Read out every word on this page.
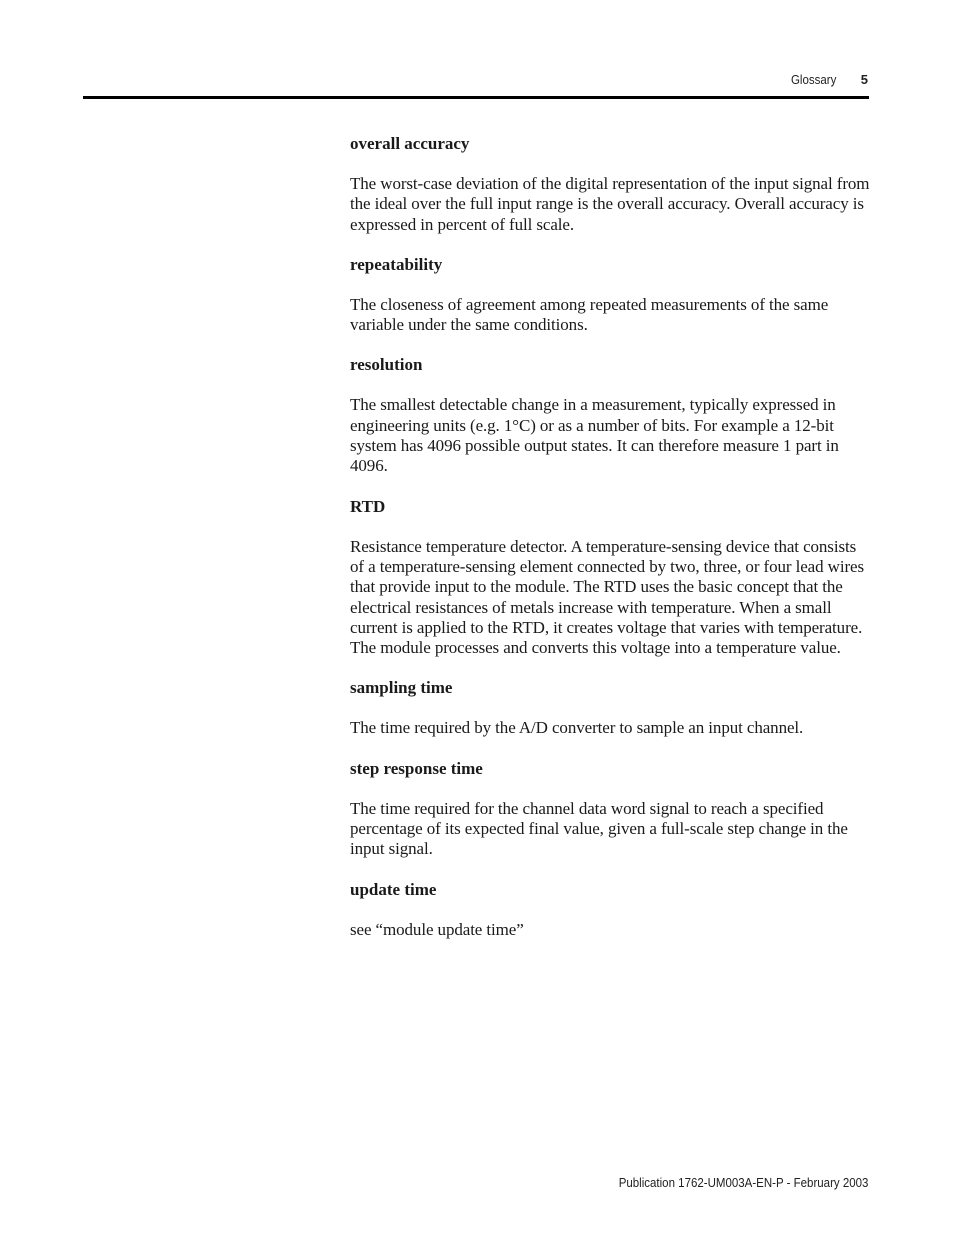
Glossary 5

overall accuracy

The worst-case deviation of the digital representation of the input signal from the ideal over the full input range is the overall accuracy. Overall accuracy is expressed in percent of full scale.

repeatability

The closeness of agreement among repeated measurements of the same variable under the same conditions.

resolution

The smallest detectable change in a measurement, typically expressed in engineering units (e.g. 1°C) or as a number of bits. For example a 12-bit system has 4096 possible output states. It can therefore measure 1 part in 4096.

RTD

Resistance temperature detector. A temperature-sensing device that consists of a temperature-sensing element connected by two, three, or four lead wires that provide input to the module. The RTD uses the basic concept that the electrical resistances of metals increase with temperature. When a small current is applied to the RTD, it creates voltage that varies with temperature. The module processes and converts this voltage into a temperature value.

sampling time

The time required by the A/D converter to sample an input channel.

step response time

The time required for the channel data word signal to reach a specified percentage of its expected final value, given a full-scale step change in the input signal.

update time

see “module update time”

Publication 1762-UM003A-EN-P - February 2003
